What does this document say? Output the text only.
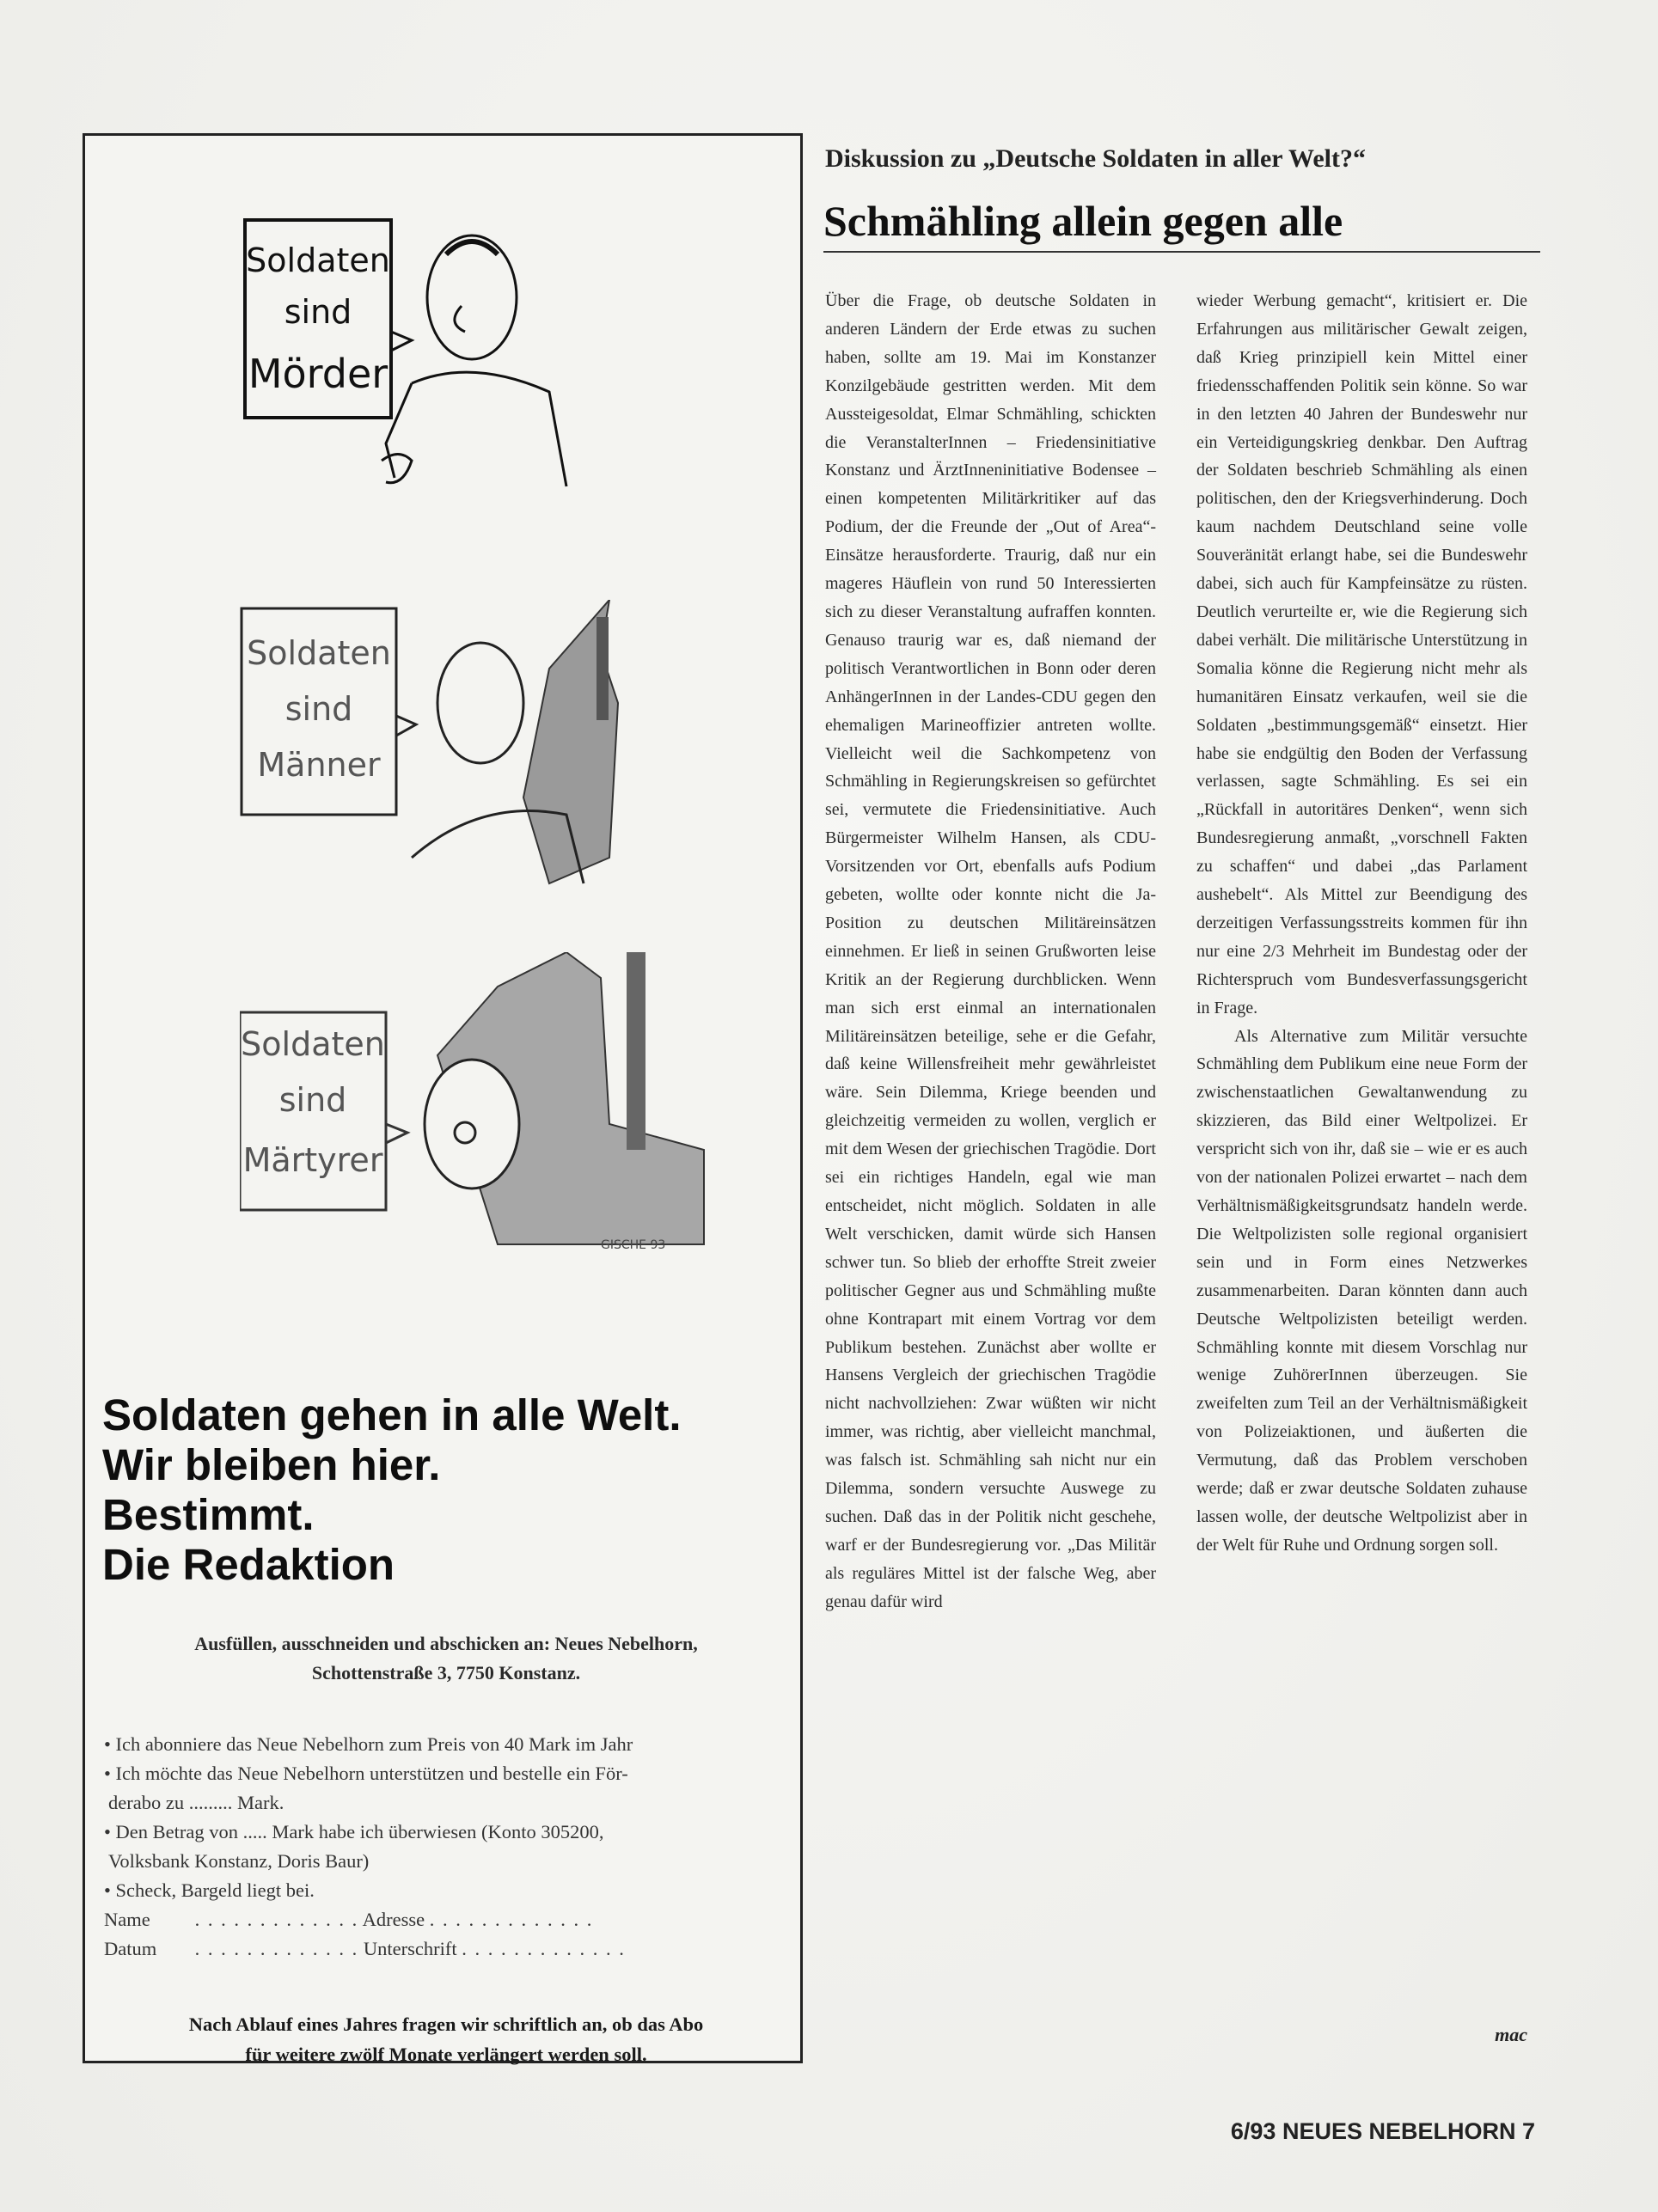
Soldaten
sind
Mörder
Soldaten
sind
Männer
Soldaten
sind
Märtyrer
GISCHE 93
Soldaten gehen in alle Welt.
Wir bleiben hier.
Bestimmt.
Die Redaktion
Ausfüllen, ausschneiden und abschicken an: Neues Nebelhorn,
Schottenstraße 3, 7750 Konstanz.
• Ich abonniere das Neue Nebelhorn zum Preis von 40 Mark im Jahr
• Ich möchte das Neue Nebelhorn unterstützen und bestelle ein För-
derabo zu ......... Mark.
• Den Betrag von ..... Mark habe ich überwiesen (Konto 305200,
Volksbank Konstanz, Doris Baur)
• Scheck, Bargeld liegt bei.
Name . . . . . . . . . . . . . Adresse . . . . . . . . . . . . .
Datum . . . . . . . . . . . . . Unterschrift . . . . . . . . . . . . .
Nach Ablauf eines Jahres fragen wir schriftlich an, ob das Abo
für weitere zwölf Monate verlängert werden soll.
Diskussion zu „Deutsche Soldaten in aller Welt?“
Schmähling allein gegen alle

Über die Frage, ob deutsche Soldaten in anderen Ländern der Erde etwas zu suchen haben, sollte am 19. Mai im Konstanzer Konzilgebäude gestritten werden. Mit dem Aussteigesoldat, Elmar Schmähling, schickten die VeranstalterInnen – Friedensinitiative Konstanz und ÄrztInneninitiative Bodensee – einen kompetenten Militärkritiker auf das Podium, der die Freunde der „Out of Area“-Einsätze herausforderte. Traurig, daß nur ein mageres Häuflein von rund 50 Interessierten sich zu dieser Veranstaltung aufraffen konnten. Genauso traurig war es, daß niemand der politisch Verantwortlichen in Bonn oder deren AnhängerInnen in der Landes-CDU gegen den ehemaligen Marineoffizier antreten wollte. Vielleicht weil die Sachkompetenz von Schmähling in Regierungskreisen so gefürchtet sei, vermutete die Friedensinitiative. Auch Bürgermeister Wilhelm Hansen, als CDU-Vorsitzenden vor Ort, ebenfalls aufs Podium gebeten, wollte oder konnte nicht die Ja-Position zu deutschen Militäreinsätzen einnehmen. Er ließ in seinen Grußworten leise Kritik an der Regierung durchblicken. Wenn man sich erst einmal an internationalen Militäreinsätzen beteilige, sehe er die Gefahr, daß keine Willensfreiheit mehr gewährleistet wäre. Sein Dilemma, Kriege beenden und gleichzeitig vermeiden zu wollen, verglich er mit dem Wesen der griechischen Tragödie. Dort sei ein richtiges Handeln, egal wie man entscheidet, nicht möglich. Soldaten in alle Welt verschicken, damit würde sich Hansen schwer tun. So blieb der erhoffte Streit zweier politischer Gegner aus und Schmähling mußte ohne Kontrapart mit einem Vortrag vor dem Publikum bestehen. Zunächst aber wollte er Hansens Vergleich der griechischen Tragödie nicht nachvollziehen: Zwar wüßten wir nicht immer, was richtig, aber vielleicht manchmal, was falsch ist. Schmähling sah nicht nur ein Dilemma, sondern versuchte Auswege zu suchen. Daß das in der Politik nicht geschehe, warf er der Bundesregierung vor. „Das Militär als reguläres Mittel ist der falsche Weg, aber genau dafür wird

wieder Werbung gemacht“, kritisiert er. Die Erfahrungen aus militärischer Gewalt zeigen, daß Krieg prinzipiell kein Mittel einer friedensschaffenden Politik sein könne. So war in den letzten 40 Jahren der Bundeswehr nur ein Verteidigungskrieg denkbar. Den Auftrag der Soldaten beschrieb Schmähling als einen politischen, den der Kriegsverhinderung. Doch kaum nachdem Deutschland seine volle Souveränität erlangt habe, sei die Bundeswehr dabei, sich auch für Kampfeinsätze zu rüsten. Deutlich verurteilte er, wie die Regierung sich dabei verhält. Die militärische Unterstützung in Somalia könne die Regierung nicht mehr als humanitären Einsatz verkaufen, weil sie die Soldaten „bestimmungsgemäß“ einsetzt. Hier habe sie endgültig den Boden der Verfassung verlassen, sagte Schmähling. Es sei ein „Rückfall in autoritäres Denken“, wenn sich Bundesregierung anmaßt, „vorschnell Fakten zu schaffen“ und dabei „das Parlament aushebelt“. Als Mittel zur Beendigung des derzeitigen Verfassungsstreits kommen für ihn nur eine 2/3 Mehrheit im Bundestag oder der Richterspruch vom Bundesverfassungsgericht in Frage.

Als Alternative zum Militär versuchte Schmähling dem Publikum eine neue Form der zwischenstaatlichen Gewaltanwendung zu skizzieren, das Bild einer Weltpolizei. Er verspricht sich von ihr, daß sie – wie er es auch von der nationalen Polizei erwartet – nach dem Verhältnismäßigkeitsgrundsatz handeln werde. Die Weltpolizisten solle regional organisiert sein und in Form eines Netzwerkes zusammenarbeiten. Daran könnten dann auch Deutsche Weltpolizisten beteiligt werden. Schmähling konnte mit diesem Vorschlag nur wenige ZuhörerInnen überzeugen. Sie zweifelten zum Teil an der Verhältnismäßigkeit von Polizeiaktionen, und äußerten die Vermutung, daß das Problem verschoben werde; daß er zwar deutsche Soldaten zuhause lassen wolle, der deutsche Weltpolizist aber in der Welt für Ruhe und Ordnung sorgen soll.

mac
6/93 NEUES NEBELHORN 7
